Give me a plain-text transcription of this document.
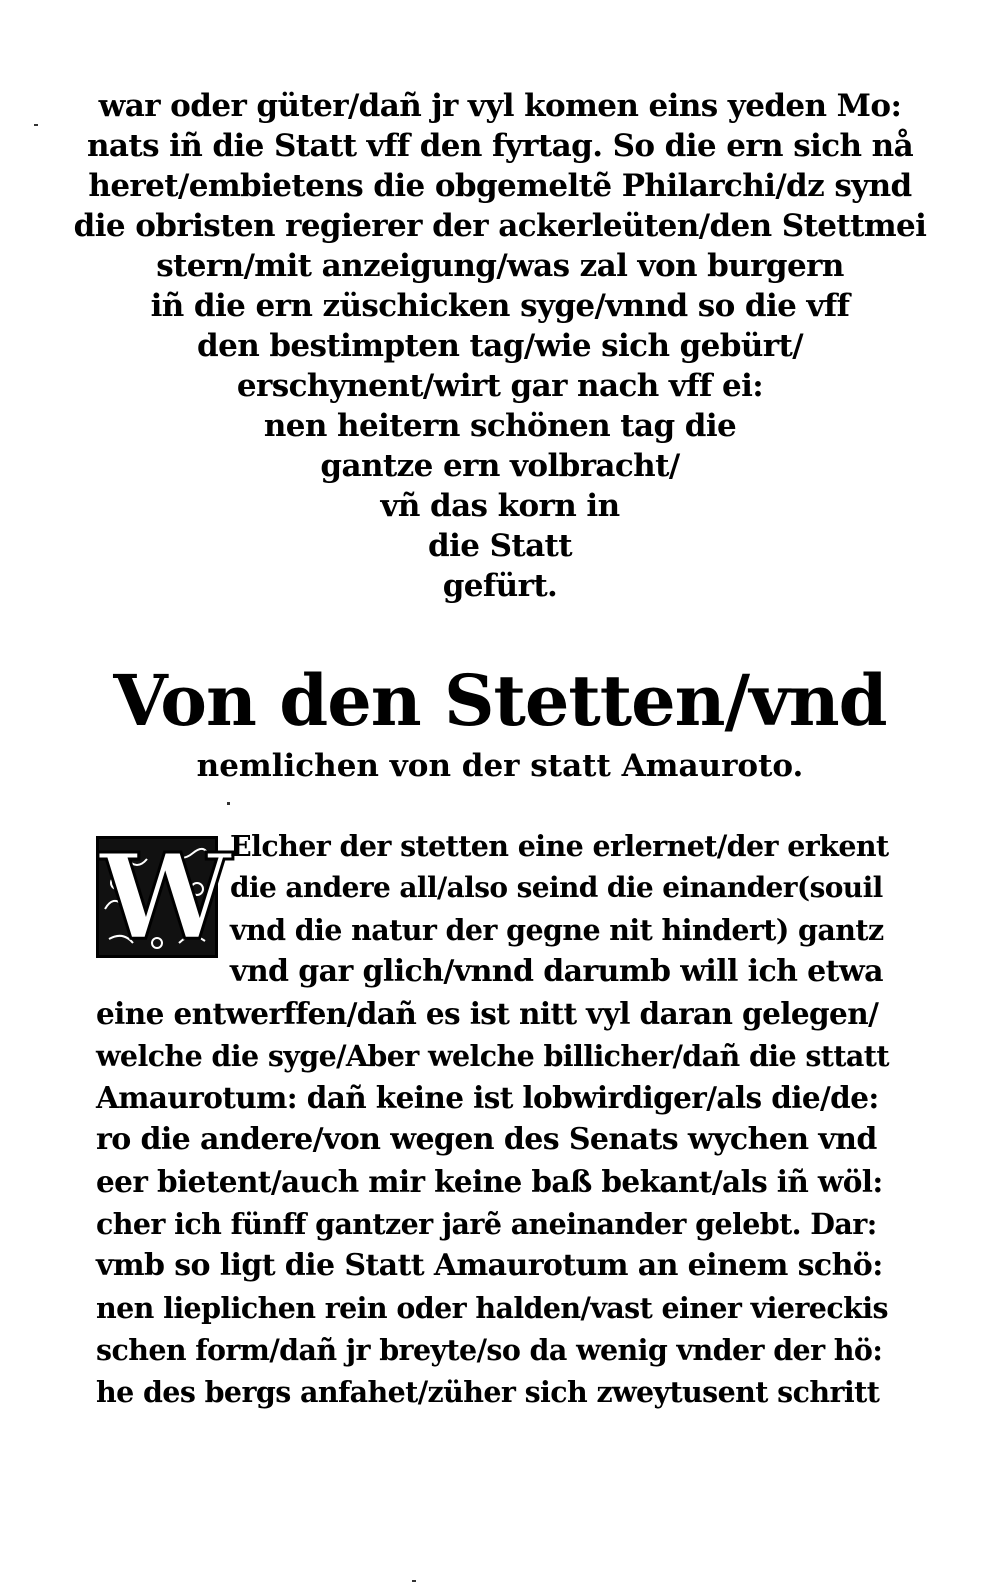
war oder güter/dañ jr vyl komen eins yeden Mo:
nats iñ die Statt vff den fyrtag. So die ern sich nå
heret/embietens die obgemeltẽ Philarchi/dz synd
die obristen regierer der ackerleüten/den Stettmei
stern/mit anzeigung/was zal von burgern
iñ die ern züschicken syge/vnnd so die vff
den bestimpten tag/wie sich gebürt/
erschynent/wirt gar nach vff ei:
nen heitern schönen tag die
gantze ern volbracht/
vñ das korn in
die Statt
gefürt.
Von den Stetten/vnd
nemlichen von der statt Amauroto.
W
Elcher der stetten eine erlernet/der erkent
die andere all/also seind die einander(souil
vnd die natur der gegne nit hindert) gantz
vnd gar glich/vnnd darumb will ich etwa
eine entwerffen/dañ es ist nitt vyl daran gelegen/
welche die syge/Aber welche billicher/dañ die sttatt
Amaurotum: dañ keine ist lobwirdiger/als die/de:
ro die andere/von wegen des Senats wychen vnd
eer bietent/auch mir keine baß bekant/als iñ wöl:
cher ich fünff gantzer jarẽ aneinander gelebt. Dar:
vmb so ligt die Statt Amaurotum an einem schö:
nen lieplichen rein oder halden/vast einer viereckis
schen form/dañ jr breyte/so da wenig vnder der hö:
he des bergs anfahet/züher sich zweytusent schritt
